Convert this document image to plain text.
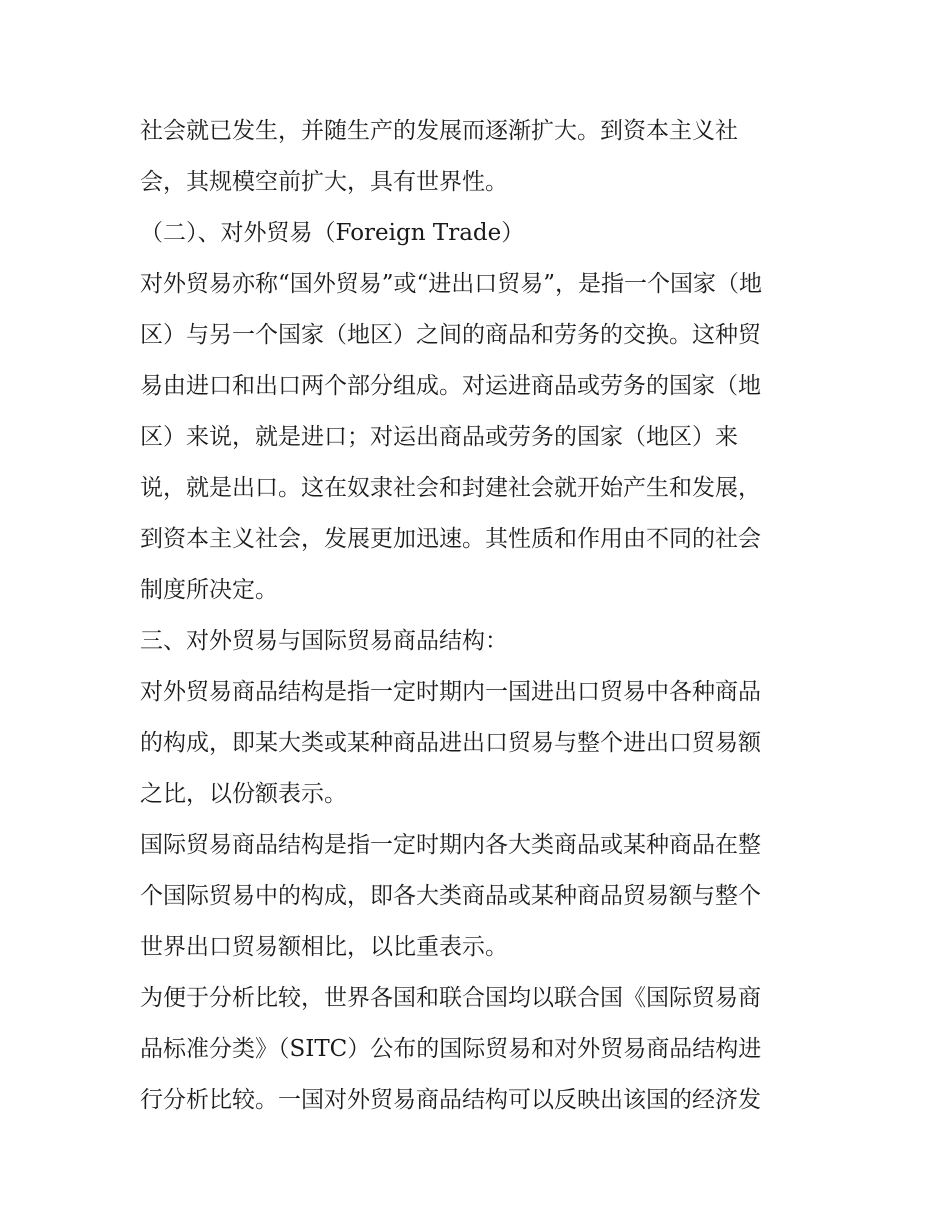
社会就已发生，并随生产的发展而逐渐扩大。到资本主义社
会，其规模空前扩大，具有世界性。
（二）、对外贸易（Foreign Trade）
对外贸易亦称“国外贸易”或“进出口贸易”，是指一个国家（地
区）与另一个国家（地区）之间的商品和劳务的交换。这种贸
易由进口和出口两个部分组成。对运进商品或劳务的国家（地
区）来说，就是进口；对运出商品或劳务的国家（地区）来
说，就是出口。这在奴隶社会和封建社会就开始产生和发展，
到资本主义社会，发展更加迅速。其性质和作用由不同的社会
制度所决定。
三、对外贸易与国际贸易商品结构：
对外贸易商品结构是指一定时期内一国进出口贸易中各种商品
的构成，即某大类或某种商品进出口贸易与整个进出口贸易额
之比，以份额表示。
国际贸易商品结构是指一定时期内各大类商品或某种商品在整
个国际贸易中的构成，即各大类商品或某种商品贸易额与整个
世界出口贸易额相比，以比重表示。
为便于分析比较，世界各国和联合国均以联合国《国际贸易商
品标准分类》（SITC）公布的国际贸易和对外贸易商品结构进
行分析比较。一国对外贸易商品结构可以反映出该国的经济发
